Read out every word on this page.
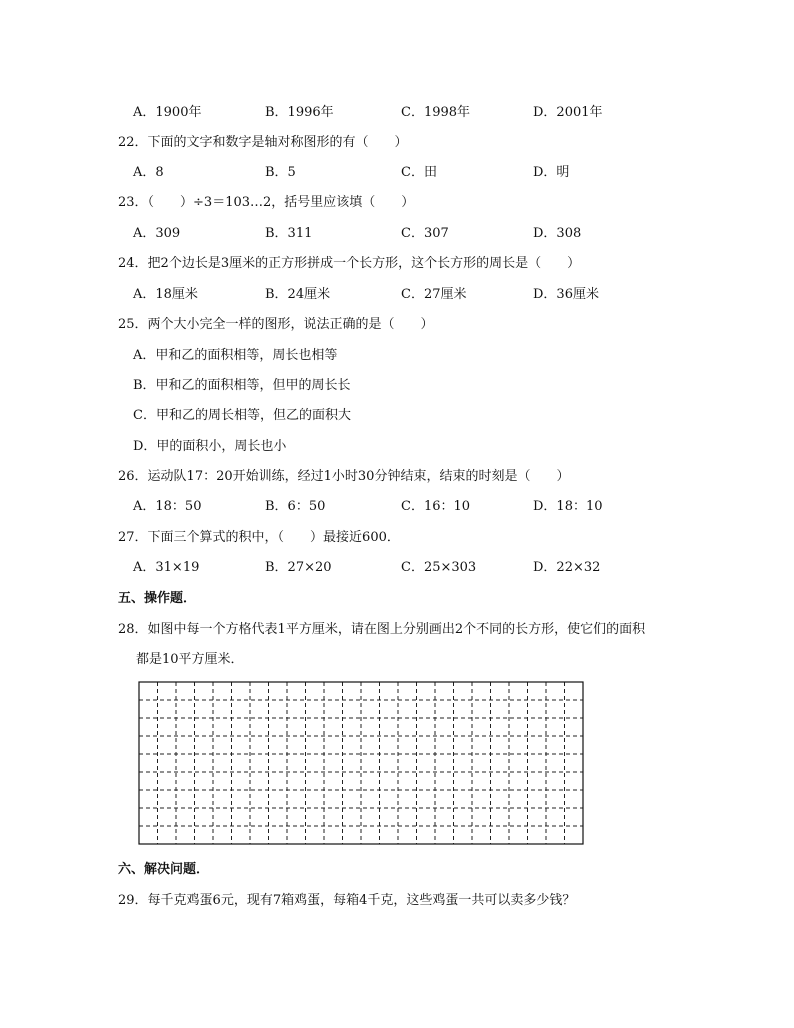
A．1900年	B．1996年	C．1998年	D．2001年
22．下面的文字和数字是轴对称图形的有（　　）
A．8	B．5	C．田	D．明
23．（　　）÷3＝103…2，括号里应该填（　　）
A．309	B．311	C．307	D．308
24．把2个边长是3厘米的正方形拼成一个长方形，这个长方形的周长是（　　）
A．18厘米	B．24厘米	C．27厘米	D．36厘米
25．两个大小完全一样的图形，说法正确的是（　　）
A．甲和乙的面积相等，周长也相等
B．甲和乙的面积相等，但甲的周长长
C．甲和乙的周长相等，但乙的面积大
D．甲的面积小，周长也小
26．运动队17：20开始训练，经过1小时30分钟结束，结束的时刻是（　　）
A．18：50	B．6：50	C．16：10	D．18：10
27．下面三个算式的积中，（　　）最接近600．
A．31×19	B．27×20	C．25×303	D．22×32
五、操作题．
28．如图中每一个方格代表1平方厘米，请在图上分别画出2个不同的长方形，使它们的面积
都是10平方厘米．
六、解决问题．
29．每千克鸡蛋6元，现有7箱鸡蛋，每箱4千克，这些鸡蛋一共可以卖多少钱？
